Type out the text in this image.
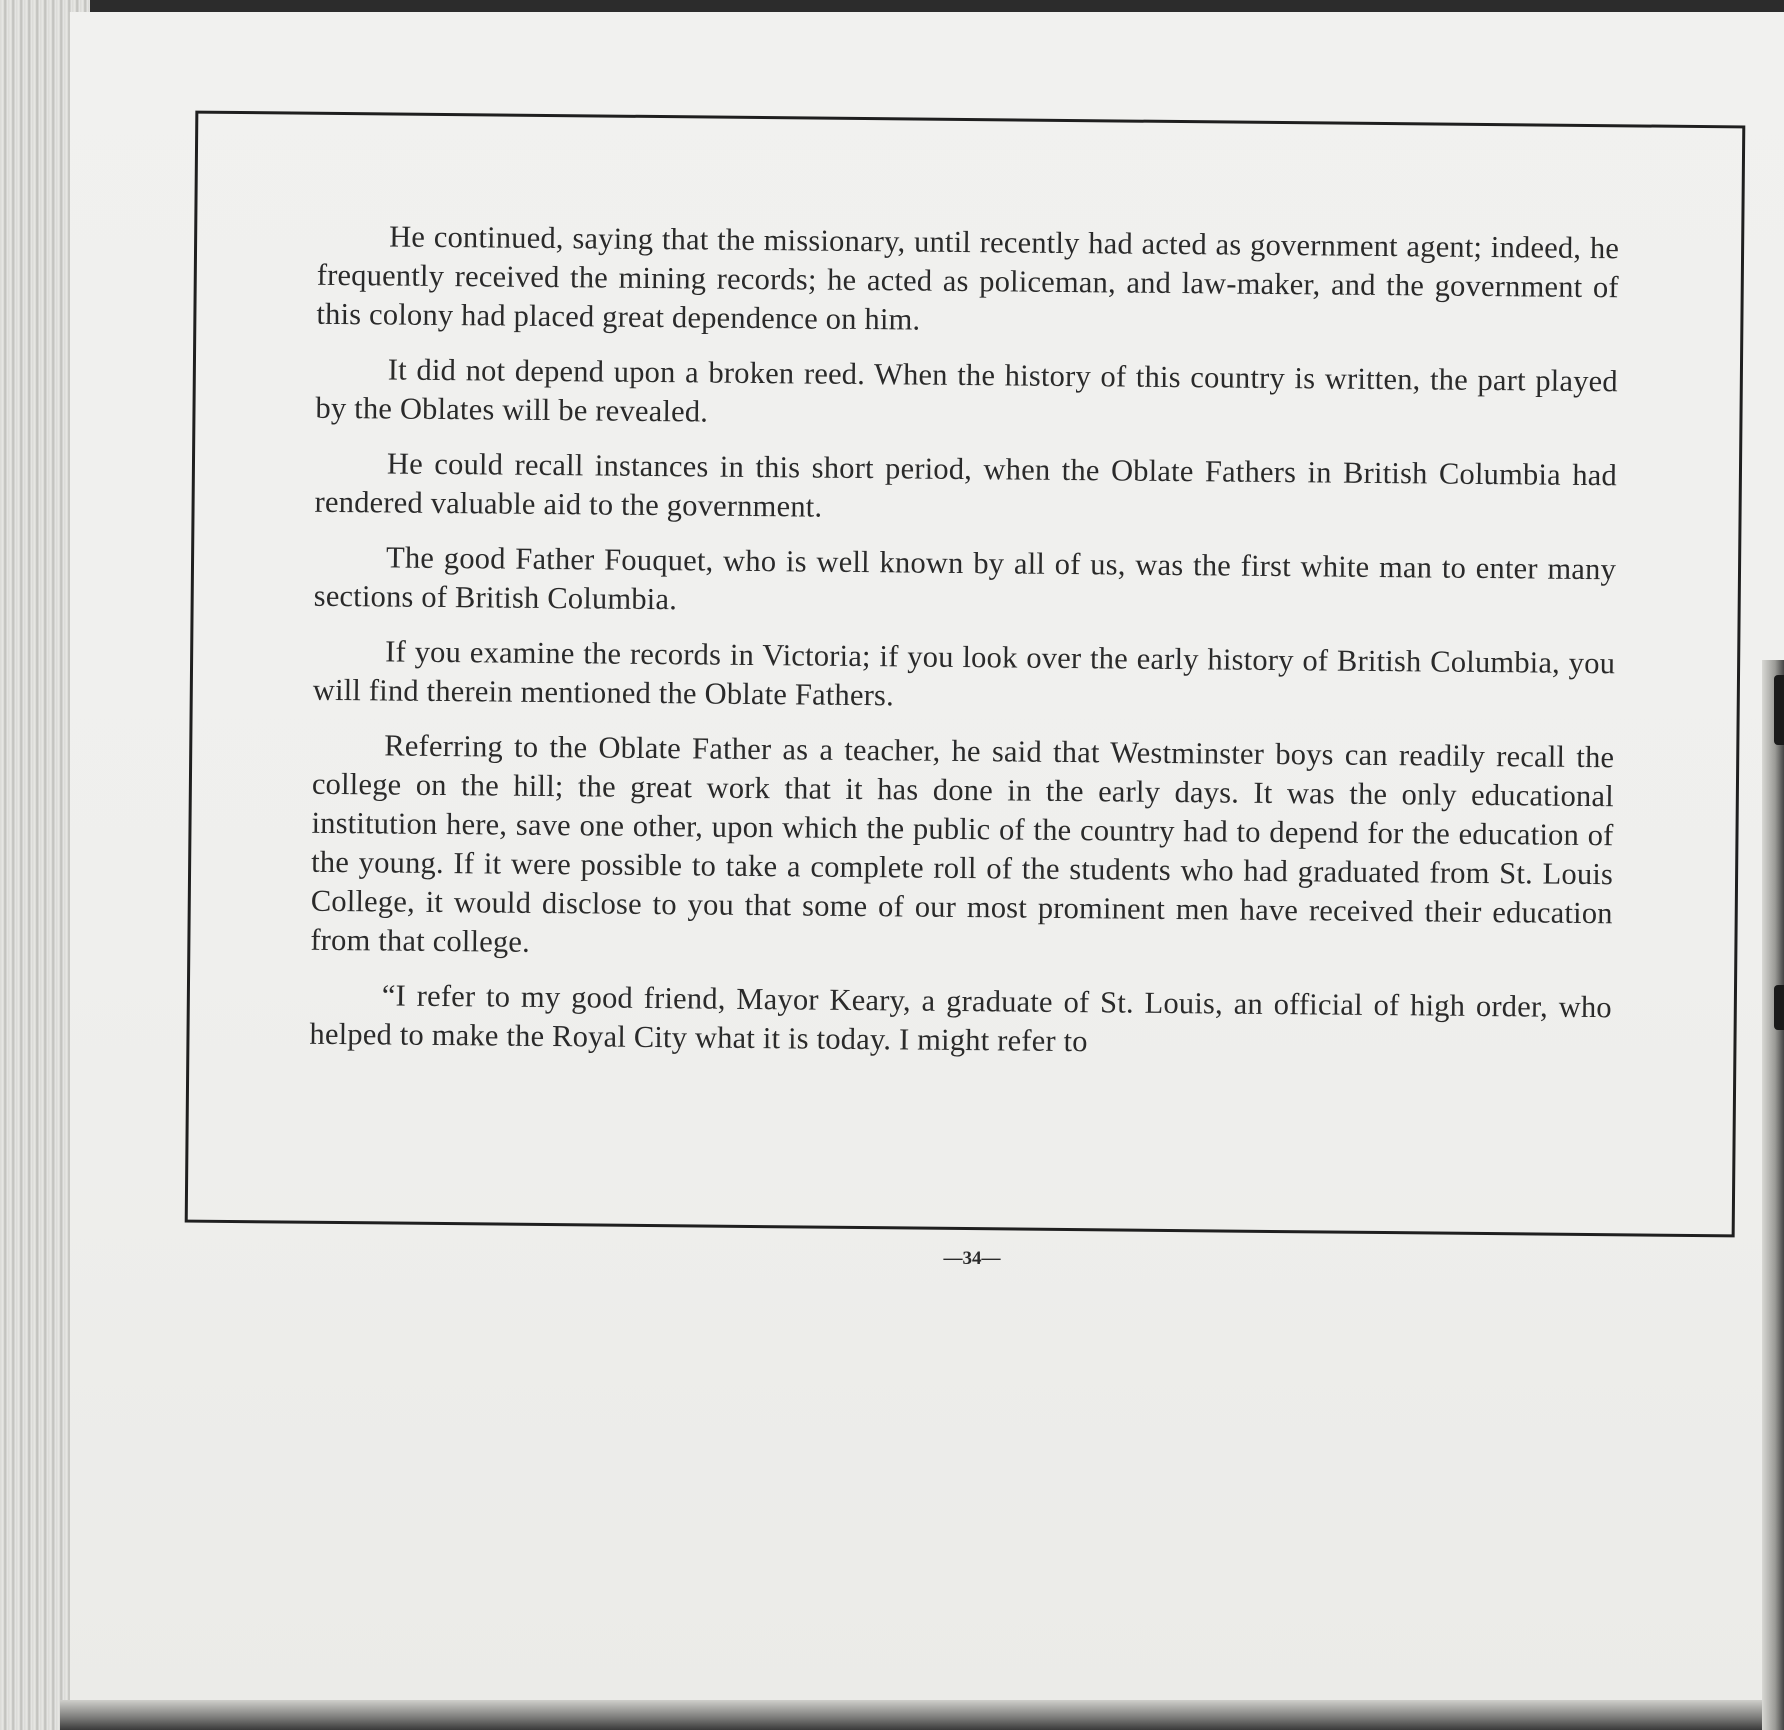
He continued, saying that the missionary, until recently had acted as government agent; indeed, he frequently received the mining records; he acted as policeman, and law-maker, and the government of this colony had placed great dependence on him.

It did not depend upon a broken reed. When the history of this country is written, the part played by the Oblates will be revealed.

He could recall instances in this short period, when the Oblate Fathers in British Columbia had rendered valuable aid to the government.

The good Father Fouquet, who is well known by all of us, was the first white man to enter many sections of British Columbia.

If you examine the records in Victoria; if you look over the early history of British Columbia, you will find therein mentioned the Oblate Fathers.

Referring to the Oblate Father as a teacher, he said that Westminster boys can readily recall the college on the hill; the great work that it has done in the early days. It was the only educational institution here, save one other, upon which the public of the country had to depend for the education of the young. If it were possible to take a complete roll of the students who had graduated from St. Louis College, it would disclose to you that some of our most prominent men have received their education from that college.

“I refer to my good friend, Mayor Keary, a graduate of St. Louis, an official of high order, who helped to make the Royal City what it is today. I might refer to

—34—
